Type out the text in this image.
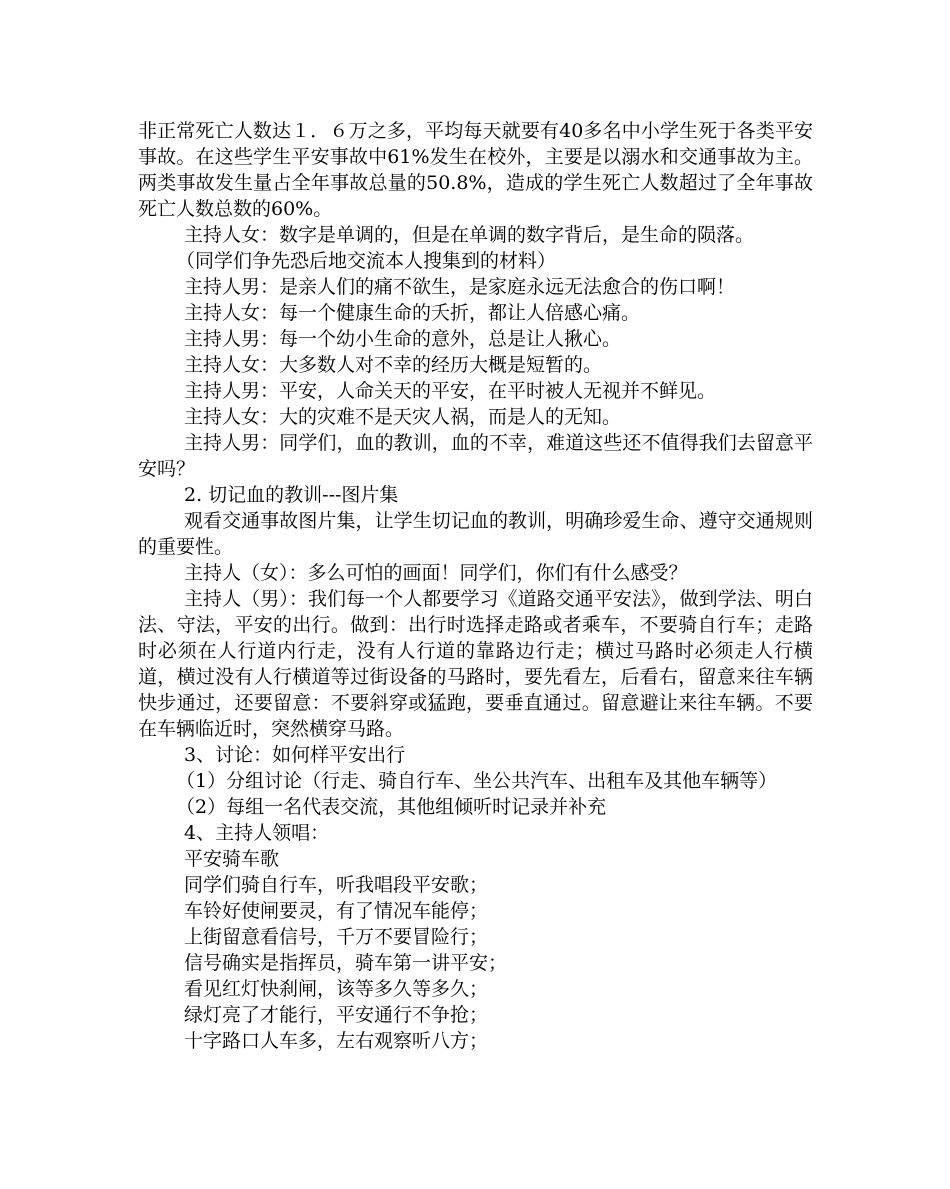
非正常死亡人数达１．６万之多，平均每天就要有40多名中小学生死于各类平安事故。在这些学生平安事故中61%发生在校外，主要是以溺水和交通事故为主。两类事故发生量占全年事故总量的50.8%，造成的学生死亡人数超过了全年事故死亡人数总数的60%。

主持人女：数字是单调的，但是在单调的数字背后，是生命的陨落。

（同学们争先恐后地交流本人搜集到的材料）

主持人男：是亲人们的痛不欲生，是家庭永远无法愈合的伤口啊！

主持人女：每一个健康生命的夭折，都让人倍感心痛。

主持人男：每一个幼小生命的意外，总是让人揪心。

主持人女：大多数人对不幸的经历大概是短暂的。

主持人男：平安，人命关天的平安，在平时被人无视并不鲜见。

主持人女：大的灾难不是天灾人祸，而是人的无知。

主持人男：同学们，血的教训，血的不幸，难道这些还不值得我们去留意平安吗？

2. 切记血的教训---图片集

观看交通事故图片集，让学生切记血的教训，明确珍爱生命、遵守交通规则的重要性。

主持人（女）：多么可怕的画面！同学们，你们有什么感受？

主持人（男）：我们每一个人都要学习《道路交通平安法》，做到学法、明白法、守法，平安的出行。做到：出行时选择走路或者乘车，不要骑自行车；走路时必须在人行道内行走，没有人行道的靠路边行走；横过马路时必须走人行横道，横过没有人行横道等过街设备的马路时，要先看左，后看右，留意来往车辆快步通过，还要留意：不要斜穿或猛跑，要垂直通过。留意避让来往车辆。不要在车辆临近时，突然横穿马路。

3、讨论：如何样平安出行

（1）分组讨论（行走、骑自行车、坐公共汽车、出租车及其他车辆等）

（2）每组一名代表交流，其他组倾听时记录并补充

4、主持人领唱：

平安骑车歌

同学们骑自行车，听我唱段平安歌；

车铃好使闸要灵，有了情况车能停；

上街留意看信号，千万不要冒险行；

信号确实是指挥员，骑车第一讲平安；

看见红灯快刹闸，该等多久等多久；

绿灯亮了才能行，平安通行不争抢；

十字路口人车多，左右观察听八方；
